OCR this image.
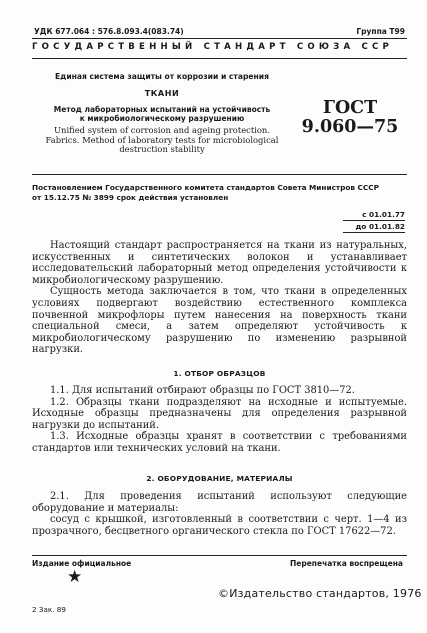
УДК 677.064 : 576.8.093.4(083.74)	Группа Т99
ГОСУДАРСТВЕННЫЙ СТАНДАРТ СОЮЗА ССР
Единая система защиты от коррозии и старения
ТКАНИ
Метод лабораторных испытаний на устойчивость
к микробиологическому разрушению
Unified system of corrosion and ageing protection.
Fabrics. Method of laboratory tests for microbiological
destruction stability
ГОСТ
9.060—75
Постановлением Государственного комитета стандартов Совета Министров СССР
от 15.12.75 № 3899 срок действия установлен
с 01.01.77
до 01.01.82

Настоящий стандарт распространяется на ткани из натуральных, искусственных и синтетических волокон и устанавливает исследовательский лабораторный метод определения устойчивости к микробиологическому разрушению.

Сущность метода заключается в том, что ткани в определенных условиях подвергают воздействию естественного комплекса почвенной микрофлоры путем нанесения на поверхность ткани специальной смеси, а затем определяют устойчивость к микробиологическому разрушению по изменению разрывной нагрузки.

1. ОТБОР ОБРАЗЦОВ

1.1. Для испытаний отбирают образцы по ГОСТ 3810—72.

1.2. Образцы ткани подразделяют на исходные и испытуемые. Исходные образцы предназначены для определения разрывной нагрузки до испытаний.

1.3. Исходные образцы хранят в соответствии с требованиями стандартов или технических условий на ткани.

2. ОБОРУДОВАНИЕ, МАТЕРИАЛЫ

2.1. Для проведения испытаний используют следующие оборудование и материалы:

сосуд с крышкой, изготовленный в соответствии с черт. 1—4 из прозрачного, бесцветного органического стекла по ГОСТ 17622—72.

Издание официальное	Перепечатка воспрещена
★
©Издательство стандартов, 1976
2 Зак. 89
